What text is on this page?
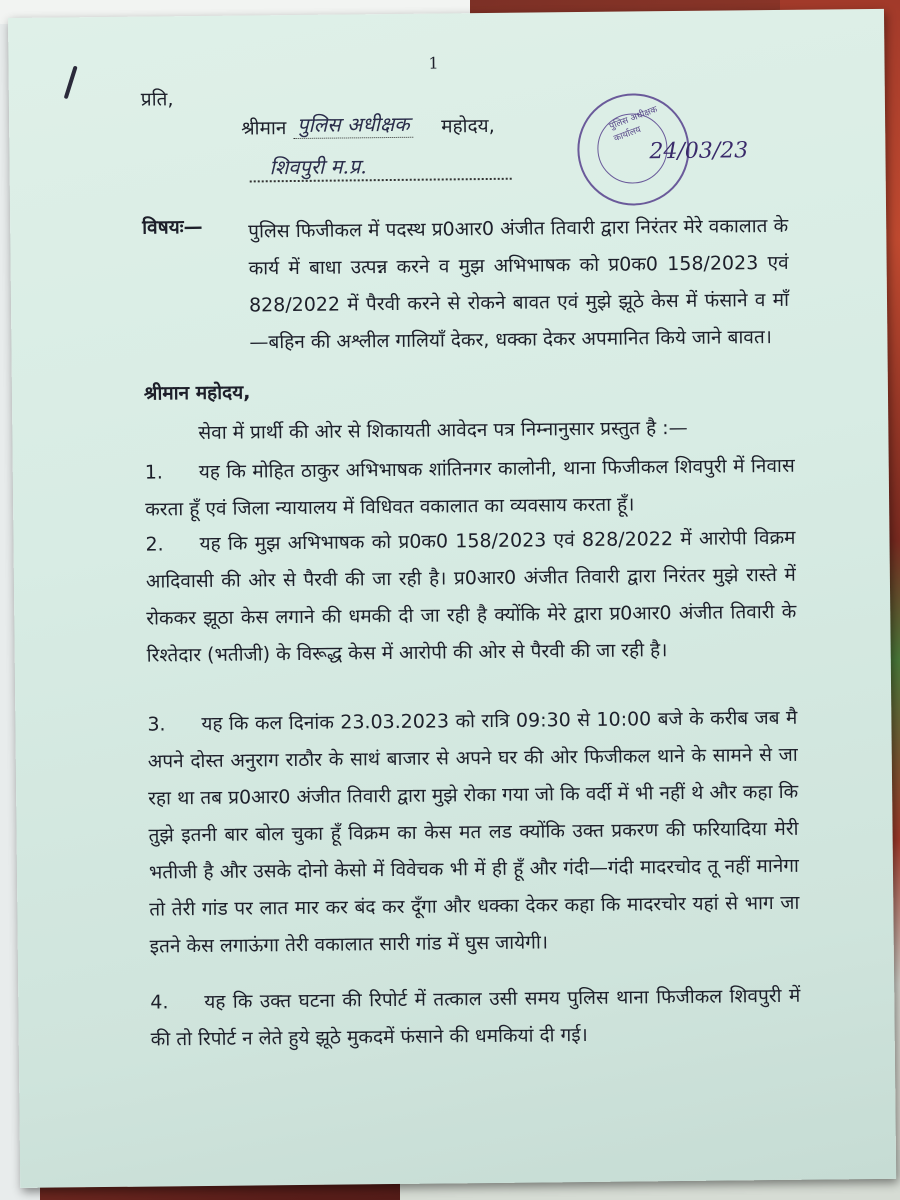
1
प्रति,
श्रीमान पुलिस अधीक्षक महोदय,
शिवपुरी म.प्र.
पुलिस अधीक्षक कार्यालय
24/03/23
विषयः— पुलिस फिजीकल में पदस्थ प्र0आर0 अंजीत तिवारी द्वारा निरंतर मेरे वकालात के कार्य में बाधा उत्पन्न करने व मुझ अभिभाषक को प्र0क0 158/2023 एवं 828/2022 में पैरवी करने से रोकने बावत एवं मुझे झूठे केस में फंसाने व माँ—बहिन की अश्लील गालियाँ देकर, धक्का देकर अपमानित किये जाने बावत।
श्रीमान महोदय,
सेवा में प्रार्थी की ओर से शिकायती आवेदन पत्र निम्नानुसार प्रस्तुत है :—
1. यह कि मोहित ठाकुर अभिभाषक शांतिनगर कालोनी, थाना फिजीकल शिवपुरी में निवास करता हूँ एवं जिला न्यायालय में विधिवत वकालात का व्यवसाय करता हूँ।
2. यह कि मुझ अभिभाषक को प्र0क0 158/2023 एवं 828/2022 में आरोपी विक्रम आदिवासी की ओर से पैरवी की जा रही है। प्र0आर0 अंजीत तिवारी द्वारा निरंतर मुझे रास्ते में रोककर झूठा केस लगाने की धमकी दी जा रही है क्योंकि मेरे द्वारा प्र0आर0 अंजीत तिवारी के रिश्तेदार (भतीजी) के विरूद्ध केस में आरोपी की ओर से पैरवी की जा रही है।
3. यह कि कल दिनांक 23.03.2023 को रात्रि 09:30 से 10:00 बजे के करीब जब मै अपने दोस्त अनुराग राठौर के साथं बाजार से अपने घर की ओर फिजीकल थाने के सामने से जा रहा था तब प्र0आर0 अंजीत तिवारी द्वारा मुझे रोका गया जो कि वर्दी में भी नहीं थे और कहा कि तुझे इतनी बार बोल चुका हूँ विक्रम का केस मत लड क्योंकि उक्त प्रकरण की फरियादिया मेरी भतीजी है और उसके दोनो केसो में विवेचक भी में ही हूँ और गंदी—गंदी मादरचोद तू नहीं मानेगा तो तेरी गांड पर लात मार कर बंद कर दूँगा और धक्का देकर कहा कि मादरचोर यहां से भाग जा इतने केस लगाऊंगा तेरी वकालात सारी गांड में घुस जायेगी।
4. यह कि उक्त घटना की रिपोर्ट में तत्काल उसी समय पुलिस थाना फिजीकल शिवपुरी में की तो रिपोर्ट न लेते हुये झूठे मुकदमें फंसाने की धमकियां दी गई।
